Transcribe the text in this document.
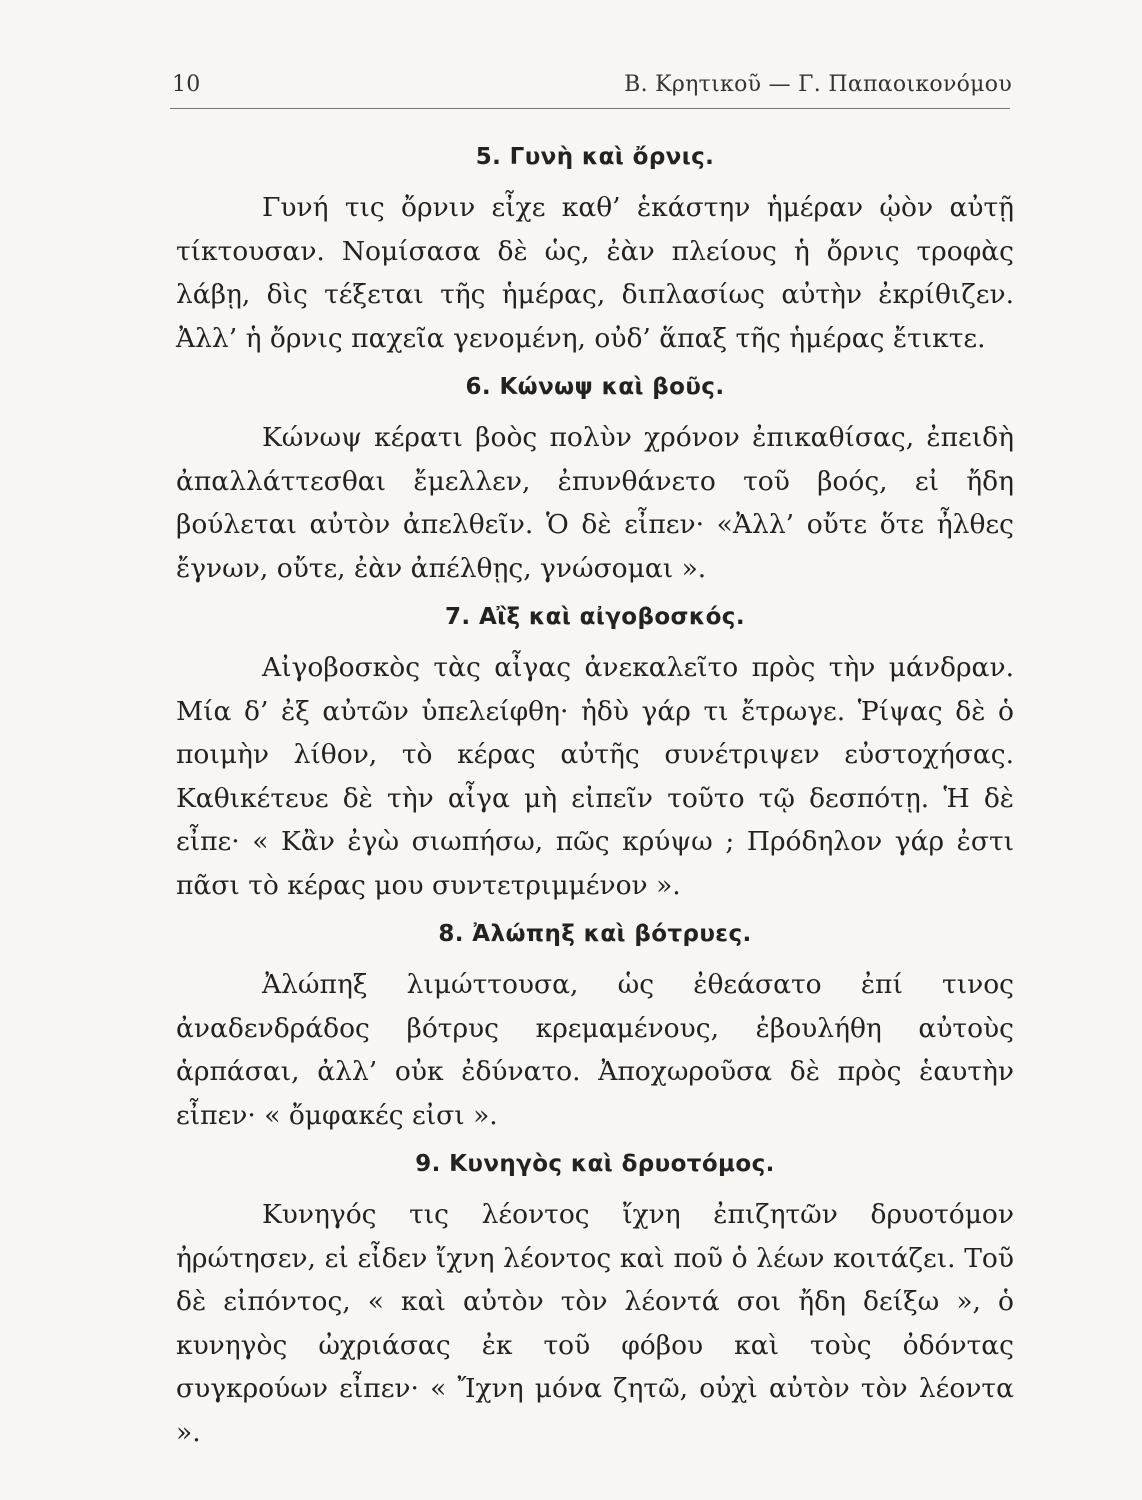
10	Β. Κρητικοῦ — Γ. Παπαοικονόμου
5. Γυνὴ καὶ ὄρνις.

Γυνή τις ὄρνιν εἶχε καθ’ ἑκάστην ἡμέραν ᾠὸν αὐτῇ τίκτουσαν. Νομίσασα δὲ ὡς, ἐὰν πλείους ἡ ὄρνις τροφὰς λάβῃ, δὶς τέξεται τῆς ἡμέρας, διπλασίως αὐτὴν ἐκρίθιζεν. Ἀλλ’ ἡ ὄρνις παχεῖα γενομένη, οὐδ’ ἅπαξ τῆς ἡμέρας ἔτικτε.

6. Κώνωψ καὶ βοῦς.

Κώνωψ κέρατι βοὸς πολὺν χρόνον ἐπικαθίσας, ἐπειδὴ ἀπαλλάττεσθαι ἔμελλεν, ἐπυνθάνετο τοῦ βοός, εἰ ἤδη βούλεται αὐτὸν ἀπελθεῖν. Ὁ δὲ εἶπεν· «Ἀλλ’ οὔτε ὅτε ἦλθες ἔγνων, οὔτε, ἐὰν ἀπέλθῃς, γνώσομαι ».

7. Αἲξ καὶ αἰγοβοσκός.

Αἰγοβοσκὸς τὰς αἶγας ἀνεκαλεῖτο πρὸς τὴν μάνδραν. Μία δ’ ἐξ αὐτῶν ὑπελείφθη· ἡδὺ γάρ τι ἔτρωγε. Ῥίψας δὲ ὁ ποιμὴν λίθον, τὸ κέρας αὐτῆς συνέτριψεν εὐστοχήσας. Καθικέτευε δὲ τὴν αἶγα μὴ εἰπεῖν τοῦτο τῷ δεσπότῃ. Ἡ δὲ εἶπε· « Κἂν ἐγὼ σιωπήσω, πῶς κρύψω ; Πρόδηλον γάρ ἐστι πᾶσι τὸ κέρας μου συντετριμμένον ».

8. Ἀλώπηξ καὶ βότρυες.

Ἀλώπηξ λιμώττουσα, ὡς ἐθεάσατο ἐπί τινος ἀναδενδράδος βότρυς κρεμαμένους, ἐβουλήθη αὐτοὺς ἁρπάσαι, ἀλλ’ οὐκ ἐδύνατο. Ἀποχωροῦσα δὲ πρὸς ἑαυτὴν εἶπεν· « ὄμφακές εἰσι ».

9. Κυνηγὸς καὶ δρυοτόμος.

Κυνηγός τις λέοντος ἴχνη ἐπιζητῶν δρυοτόμον ἠρώτησεν, εἰ εἶδεν ἴχνη λέοντος καὶ ποῦ ὁ λέων κοιτάζει. Τοῦ δὲ εἰπόντος, « καὶ αὐτὸν τὸν λέοντά σοι ἤδη δείξω », ὁ κυνηγὸς ὠχριάσας ἐκ τοῦ φόβου καὶ τοὺς ὀδόντας συγκρούων εἶπεν· « Ἴχνη μόνα ζητῶ, οὐχὶ αὐτὸν τὸν λέοντα ».
